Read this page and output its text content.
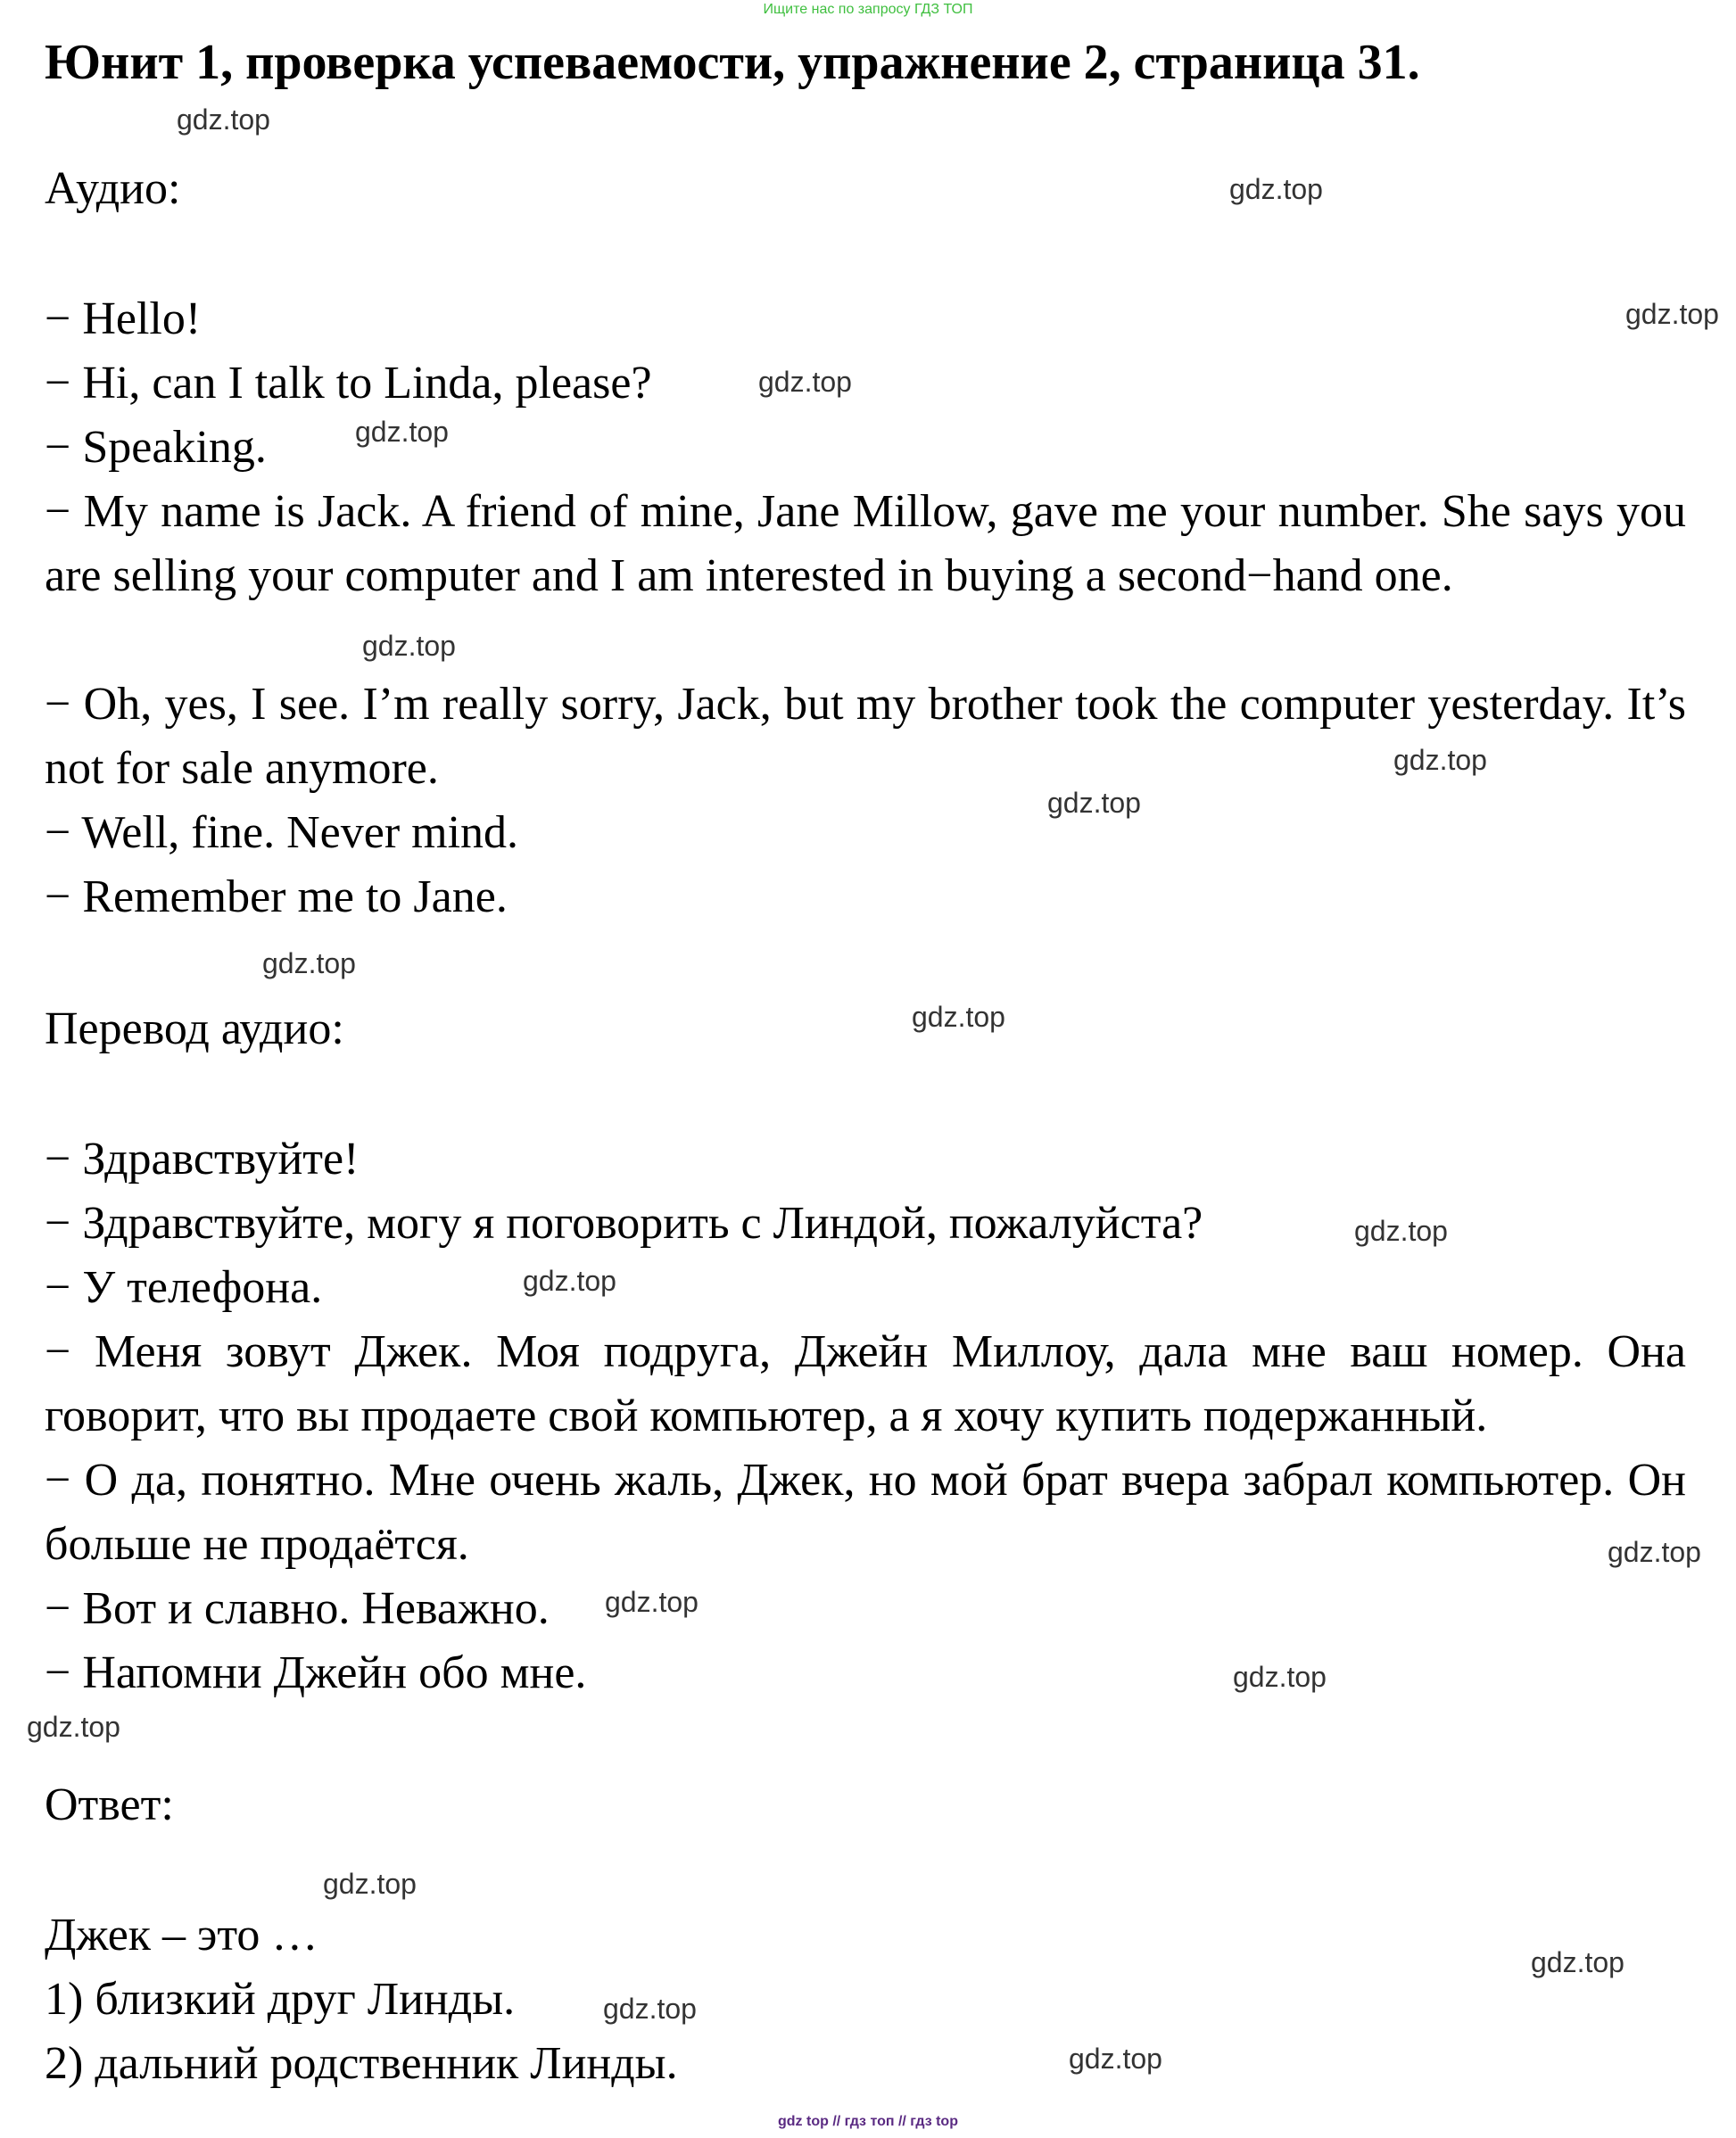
Ищите нас по запросу ГДЗ ТОП
Юнит 1, проверка успеваемости, упражнение 2, страница 31.

Аудио:

− Hello!

− Hi, can I talk to Linda, please?

− Speaking.

− My name is Jack. A friend of mine, Jane Millow, gave me your number. She says you are selling your computer and I am interested in buying a second−hand one.

− Oh, yes, I see. I’m really sorry, Jack, but my brother took the computer yesterday. It’s not for sale anymore.

− Well, fine. Never mind.

− Remember me to Jane.

Перевод аудио:

− Здравствуйте!

− Здравствуйте, могу я поговорить с Линдой, пожалуйста?

− У телефона.

− Меня зовут Джек. Моя подруга, Джейн Миллоу, дала мне ваш номер. Она говорит, что вы продаете свой компьютер, а я хочу купить подержанный.

− О да, понятно. Мне очень жаль, Джек, но мой брат вчера забрал компьютер. Он больше не продаётся.

− Вот и славно. Неважно.

− Напомни Джейн обо мне.

Ответ:

Джек – это …

1) близкий друг Линды.

2) дальний родственник Линды.

gdz.top
gdz.top
gdz.top
gdz.top
gdz.top
gdz.top
gdz.top
gdz.top
gdz.top
gdz.top
gdz.top
gdz.top
gdz.top
gdz.top
gdz.top
gdz.top
gdz.top
gdz.top
gdz.top
gdz.top
gdz top // гдз топ // гдз top
